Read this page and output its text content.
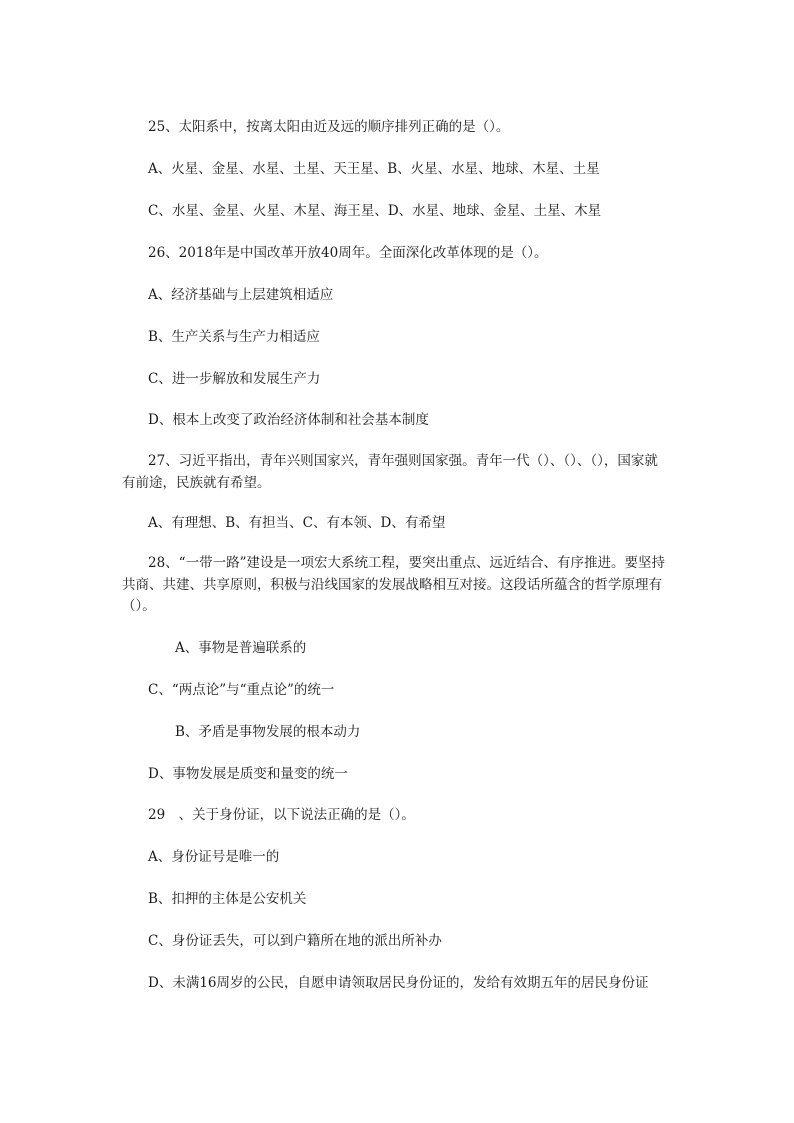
25、太阳系中，按离太阳由近及远的顺序排列正确的是（）。
A、火星、金星、水星、土星、天王星、B、火星、水星、地球、木星、土星
C、水星、金星、火星、木星、海王星、D、水星、地球、金星、土星、木星
26、2018年是中国改革开放40周年。全面深化改革体现的是（）。
A、经济基础与上层建筑相适应
B、生产关系与生产力相适应
C、进一步解放和发展生产力
D、根本上改变了政治经济体制和社会基本制度
27、习近平指出，青年兴则国家兴，青年强则国家强。青年一代（）、（）、（），国家就有前途，民族就有希望。
A、有理想、B、有担当、C、有本领、D、有希望
28、“一带一路”建设是一项宏大系统工程，要突出重点、远近结合、有序推进。要坚持共商、共建、共享原则，积极与沿线国家的发展战略相互对接。这段话所蕴含的哲学原理有（）。
A、事物是普遍联系的
C、“两点论”与“重点论”的统一
B、矛盾是事物发展的根本动力
D、事物发展是质变和量变的统一
29　、关于身份证，以下说法正确的是（）。
A、身份证号是唯一的
B、扣押的主体是公安机关
C、身份证丢失，可以到户籍所在地的派出所补办
D、未满16周岁的公民，自愿申请领取居民身份证的，发给有效期五年的居民身份证
